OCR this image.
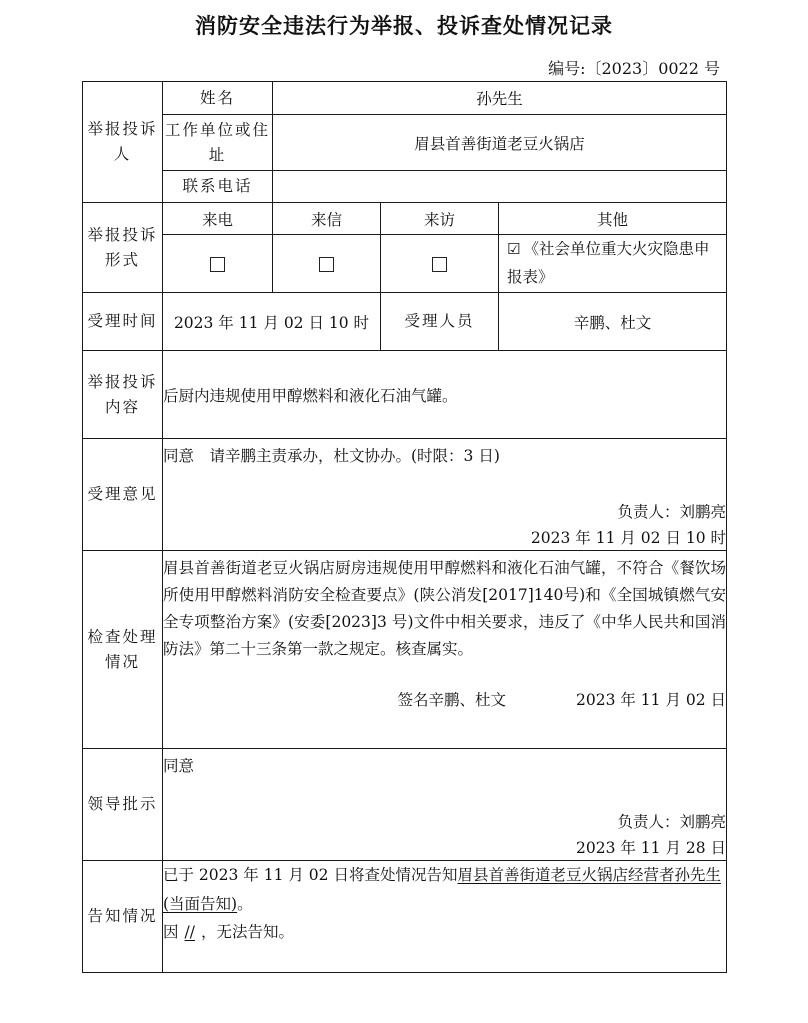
消防安全违法行为举报、投诉查处情况记录
编号:〔2023〕0022 号
举报投诉人	姓名	孙先生		
	工作单位或住址	眉县首善街道老豆火锅店		
	联系电话			
举报投诉形式	来电	来信	来访	其他

				☑ 《社会单位重大火灾隐患申报表》

受理时间	2023 年 11 月 02 日 10 时		受理人员	辛鹏、杜文
举报投诉内容	后厨内违规使用甲醇燃料和液化石油气罐。			
受理意见	同意　请辛鹏主责承办，杜文协办。(时限：3 日)
负责人：刘鹏亮
2023 年 11 月 02 日 10 时			

检查处理情况	眉县首善街道老豆火锅店厨房违规使用甲醇燃料和液化石油气罐，不符合《餐饮场所使用甲醇燃料消防安全检查要点》(陕公消发[2017]140号)和《全国城镇燃气安全专项整治方案》(安委[2023]3 号)文件中相关要求，违反了《中华人民共和国消防法》第二十三条第一款之规定。核查属实。

签名辛鹏、杜文 2023 年 11 月 02 日			

领导批示	同意
负责人：刘鹏亮
2023 年 11 月 28 日			

告知情况	已于 2023 年 11 月 02 日将查处情况告知眉县首善街道老豆火锅店经营者孙先生(当面告知)。
因 // ，无法告知。			
